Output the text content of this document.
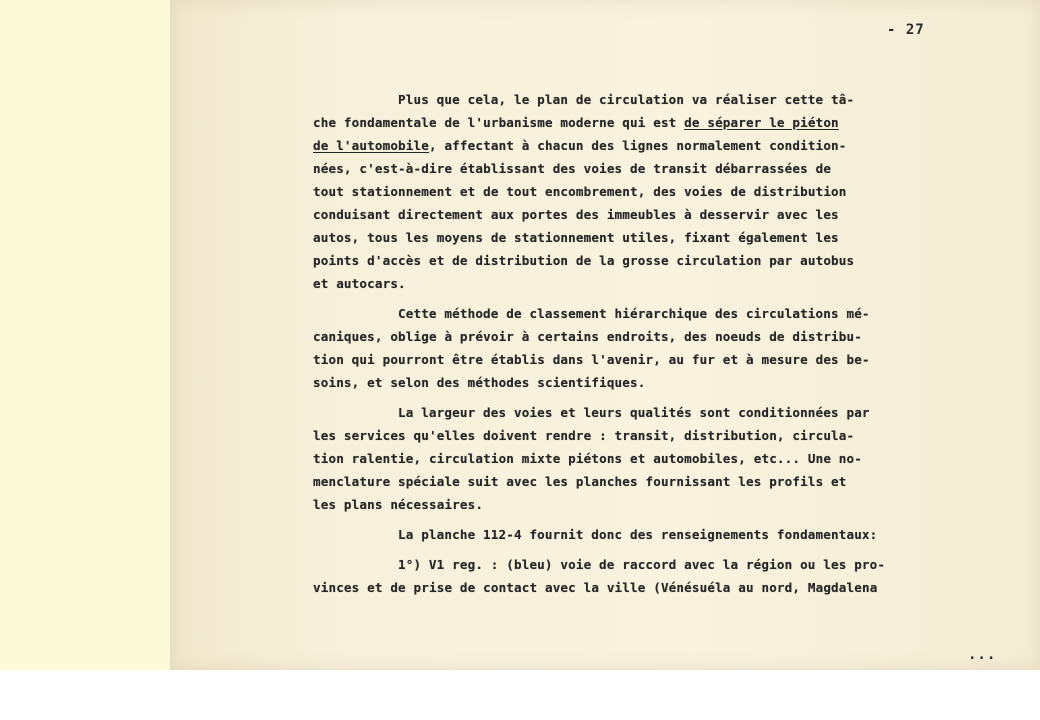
- 27
Plus que cela, le plan de circulation va réaliser cette tâ-
che fondamentale de l'urbanisme moderne qui est de séparer le piéton
de l'automobile, affectant à chacun des lignes normalement condition-
nées, c'est-à-dire établissant des voies de transit débarrassées de
tout stationnement et de tout encombrement, des voies de distribution
conduisant directement aux portes des immeubles à desservir avec les
autos, tous les moyens de stationnement utiles, fixant également les
points d'accès et de distribution de la grosse circulation par autobus
et autocars.
Cette méthode de classement hiérarchique des circulations mé-
caniques, oblige à prévoir à certains endroits, des noeuds de distribu-
tion qui pourront être établis dans l'avenir, au fur et à mesure des be-
soins, et selon des méthodes scientifiques.
La largeur des voies et leurs qualités sont conditionnées par
les services qu'elles doivent rendre : transit, distribution, circula-
tion ralentie, circulation mixte piétons et automobiles, etc... Une no-
menclature spéciale suit avec les planches fournissant les profils et
les plans nécessaires.
La planche 112-4 fournit donc des renseignements fondamentaux:
1°) V1 reg. : (bleu) voie de raccord avec la région ou les pro-
vinces et de prise de contact avec la ville (Vénésuéla au nord, Magdalena
...
